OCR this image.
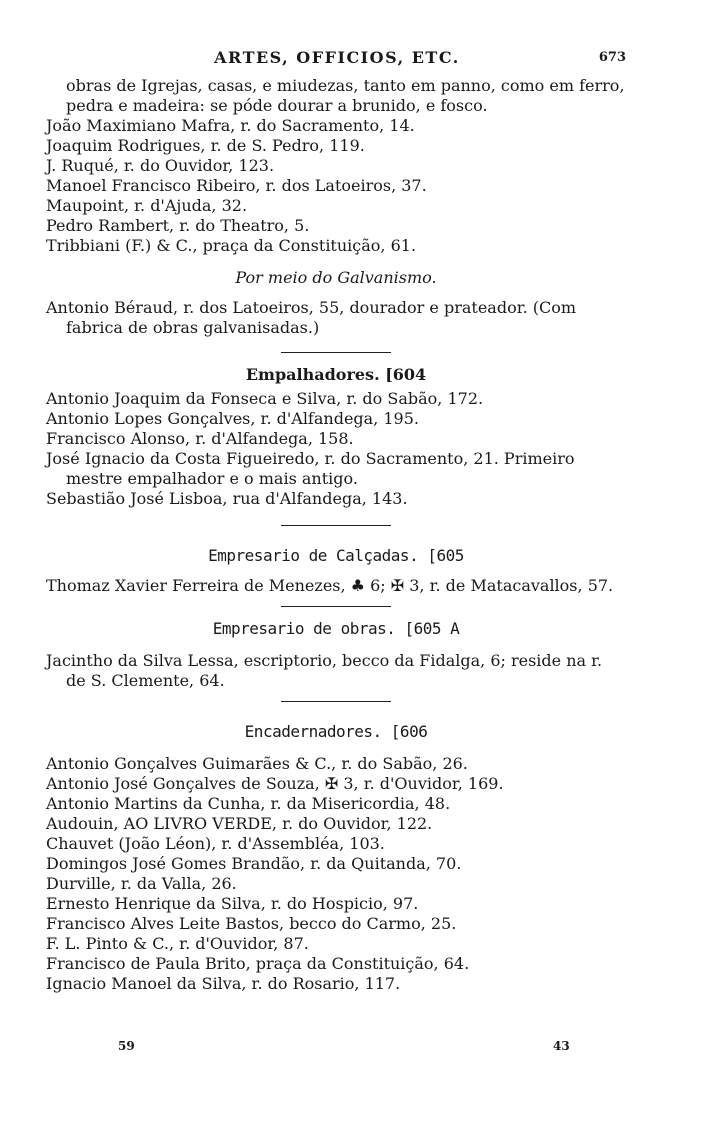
ARTES, OFFICIOS, ETC.	673

obras de Igrejas, casas, e miudezas, tanto em panno, como em ferro, pedra e madeira: se póde dourar a brunido, e fosco.

João Maximiano Mafra, r. do Sacramento, 14.

Joaquim Rodrigues, r. de S. Pedro, 119.

J. Ruqué, r. do Ouvidor, 123.

Manoel Francisco Ribeiro, r. dos Latoeiros, 37.

Maupoint, r. d'Ajuda, 32.

Pedro Rambert, r. do Theatro, 5.

Tribbiani (F.) & C., praça da Constituição, 61.

Por meio do Galvanismo.

Antonio Béraud, r. dos Latoeiros, 55, dourador e prateador. (Com fabrica de obras galvanisadas.)

Empalhadores. [604

Antonio Joaquim da Fonseca e Silva, r. do Sabão, 172.

Antonio Lopes Gonçalves, r. d'Alfandega, 195.

Francisco Alonso, r. d'Alfandega, 158.

José Ignacio da Costa Figueiredo, r. do Sacramento, 21. Primeiro mestre empalhador e o mais antigo.

Sebastião José Lisboa, rua d'Alfandega, 143.

Empresario de Calçadas. [605

Thomaz Xavier Ferreira de Menezes, ♣ 6; ✠ 3, r. de Matacavallos, 57.

Empresario de obras. [605 A

Jacintho da Silva Lessa, escriptorio, becco da Fidalga, 6; reside na r. de S. Clemente, 64.

Encadernadores. [606

Antonio Gonçalves Guimarães & C., r. do Sabão, 26.

Antonio José Gonçalves de Souza, ✠ 3, r. d'Ouvidor, 169.

Antonio Martins da Cunha, r. da Misericordia, 48.

Audouin, AO LIVRO VERDE, r. do Ouvidor, 122.

Chauvet (João Léon), r. d'Assembléa, 103.

Domingos José Gomes Brandão, r. da Quitanda, 70.

Durville, r. da Valla, 26.

Ernesto Henrique da Silva, r. do Hospicio, 97.

Francisco Alves Leite Bastos, becco do Carmo, 25.

F. L. Pinto & C., r. d'Ouvidor, 87.

Francisco de Paula Brito, praça da Constituição, 64.

Ignacio Manoel da Silva, r. do Rosario, 117.

59	43
